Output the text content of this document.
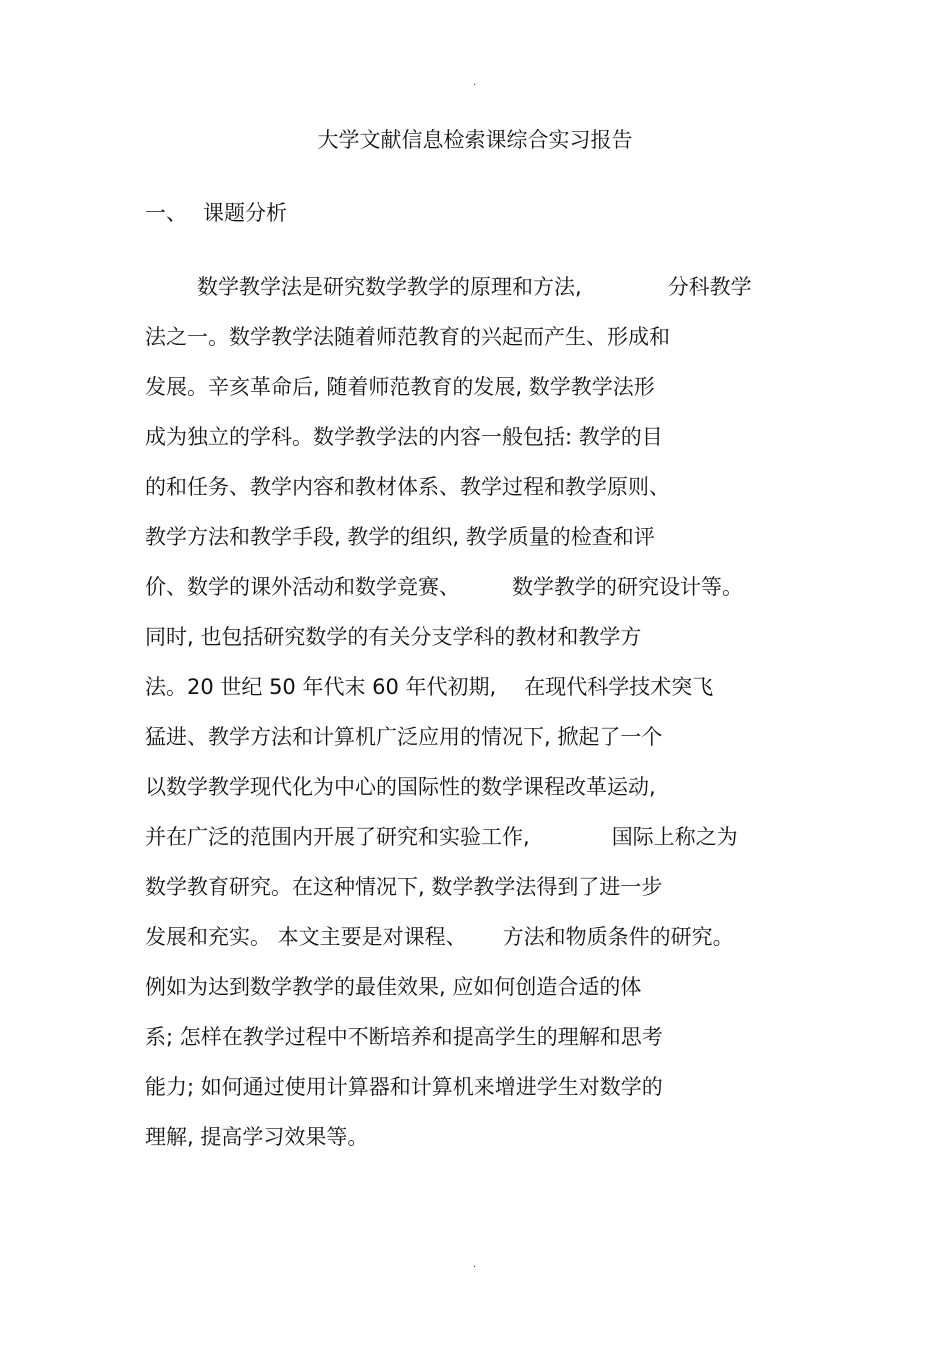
.
大学文献信息检索课综合实习报告
一、 课题分析
数学教学法是研究数学教学的原理和方法,	分科教学
法之一。数学教学法随着师范教育的兴起而产生、形成和
发展。辛亥革命后, 随着师范教育的发展, 数学教学法形
成为独立的学科。数学教学法的内容一般包括: 教学的目
的和任务、教学内容和教材体系、教学过程和教学原则、
教学方法和教学手段, 教学的组织, 教学质量的检查和评
价、数学的课外活动和数学竞赛、 数学教学的研究设计等。
同时, 也包括研究数学的有关分支学科的教材和教学方
法。20 世纪 50 年代末 60 年代初期, 在现代科学技术突飞
猛进、教学方法和计算机广泛应用的情况下, 掀起了一个
以数学教学现代化为中心的国际性的数学课程改革运动,
并在广泛的范围内开展了研究和实验工作,	国际上称之为
数学教育研究。在这种情况下, 数学教学法得到了进一步
发展和充实。 本文主要是对课程、 方法和物质条件的研究。
例如为达到数学教学的最佳效果, 应如何创造合适的体
系; 怎样在教学过程中不断培养和提高学生的理解和思考
能力; 如何通过使用计算器和计算机来增进学生对数学的
理解, 提高学习效果等。
.
